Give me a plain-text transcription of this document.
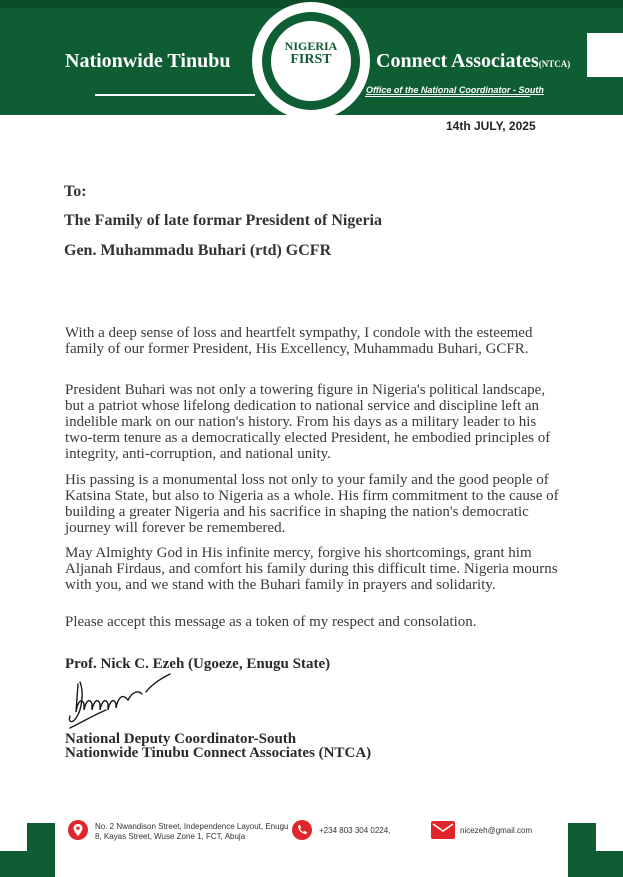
Nationwide Tinubu	Connect Associates(NTCA)
Office of the National Coordinator - South
NIGERIA
FIRST
14th JULY, 2025
To:
The Family of late formar President of Nigeria
Gen. Muhammadu Buhari (rtd) GCFR

With a deep sense of loss and heartfelt sympathy, I condole with the esteemed family of our former President, His Excellency, Muhammadu Buhari, GCFR.

President Buhari was not only a towering figure in Nigeria's political landscape, but a patriot whose lifelong dedication to national service and discipline left an indelible mark on our nation's history. From his days as a military leader to his two-term tenure as a democratically elected President, he embodied principles of integrity, anti-corruption, and national unity.

His passing is a monumental loss not only to your family and the good people of Katsina State, but also to Nigeria as a whole. His firm commitment to the cause of building a greater Nigeria and his sacrifice in shaping the nation's democratic journey will forever be remembered.

May Almighty God in His infinite mercy, forgive his shortcomings, grant him Aljanah Firdaus, and comfort his family during this difficult time. Nigeria mourns with you, and we stand with the Buhari family in prayers and solidarity.

Please accept this message as a token of my respect and consolation.

Prof. Nick C. Ezeh (Ugoeze, Enugu State)
National Deputy Coordinator-South
Nationwide Tinubu Connect Associates (NTCA)
No. 2 Nwandison Street, Independence Layout, Enugu
8, Kayas Street, Wuse Zone 1, FCT, Abuja
+234 803 304 0224,	nicezeh@gmail.com
